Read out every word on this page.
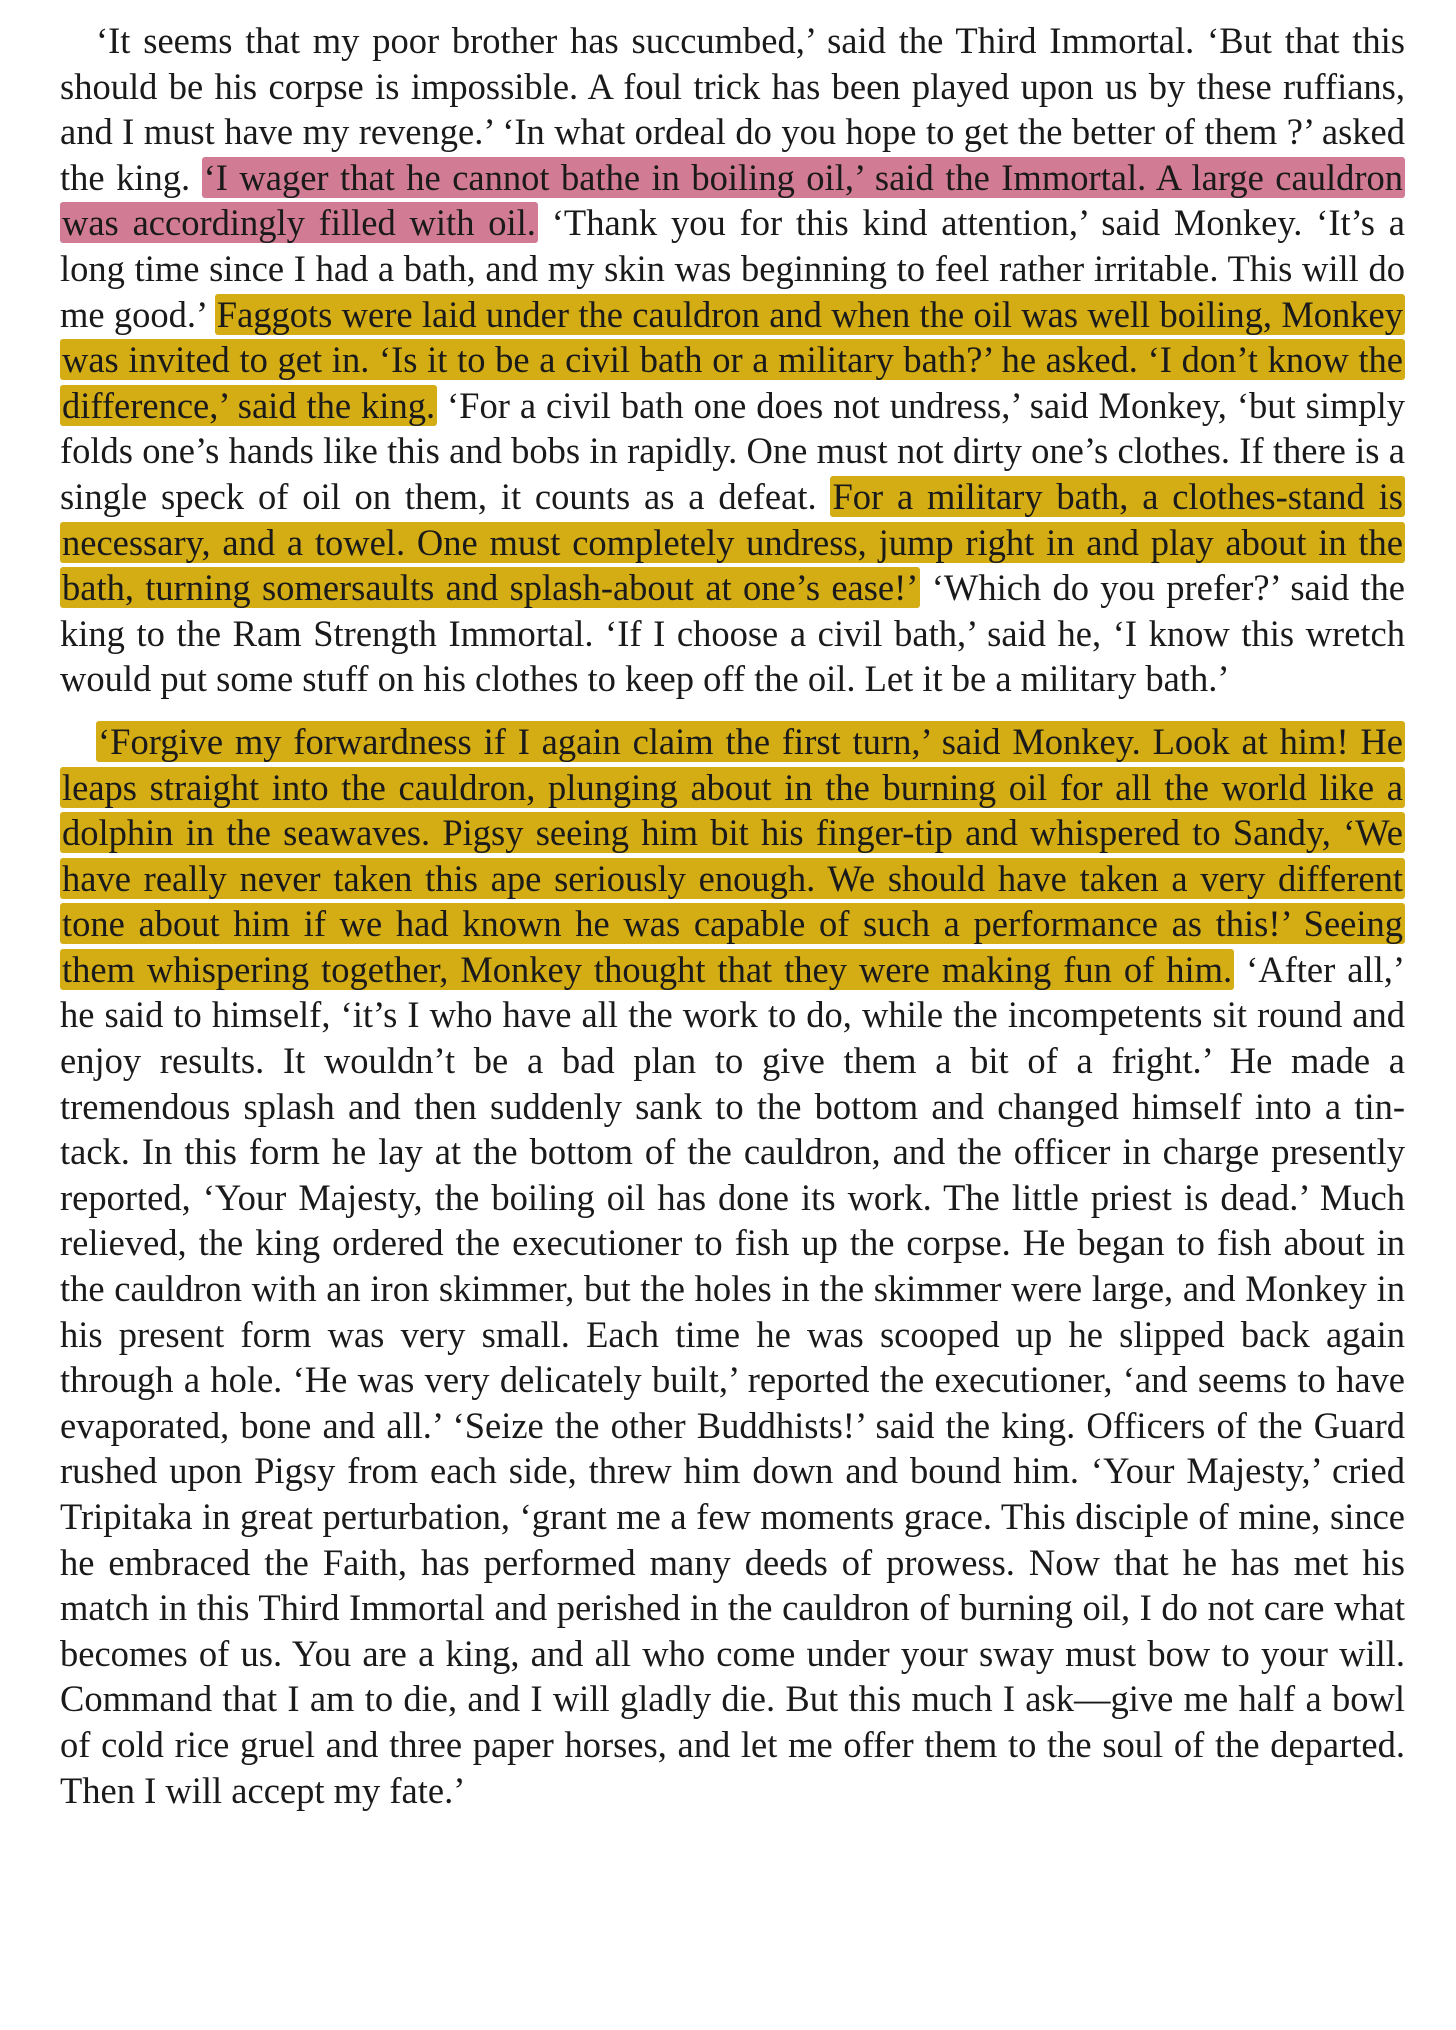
‘It seems that my poor brother has succumbed,’ said the Third Immortal. ‘But that this should be his corpse is impossible. A foul trick has been played upon us by these ruffians, and I must have my revenge.’ ‘In what ordeal do you hope to get the better of them ?’ asked the king. ‘I wager that he cannot bathe in boiling oil,’ said the Immortal. A large cauldron was accordingly filled with oil. ‘Thank you for this kind attention,’ said Monkey. ‘It’s a long time since I had a bath, and my skin was beginning to feel rather irritable. This will do me good.’ Faggots were laid under the cauldron and when the oil was well boiling, Monkey was invited to get in. ‘Is it to be a civil bath or a military bath?’ he asked. ‘I don’t know the difference,’ said the king. ‘For a civil bath one does not undress,’ said Monkey, ‘but simply folds one’s hands like this and bobs in rapidly. One must not dirty one’s clothes. If there is a single speck of oil on them, it counts as a defeat. For a military bath, a clothes-stand is necessary, and a towel. One must completely undress, jump right in and play about in the bath, turning somersaults and splash-about at one’s ease!’ ‘Which do you prefer?’ said the king to the Ram Strength Immortal. ‘If I choose a civil bath,’ said he, ‘I know this wretch would put some stuff on his clothes to keep off the oil. Let it be a military bath.’

‘Forgive my forwardness if I again claim the first turn,’ said Monkey. Look at him! He leaps straight into the cauldron, plunging about in the burning oil for all the world like a dolphin in the seawaves. Pigsy seeing him bit his finger-tip and whispered to Sandy, ‘We have really never taken this ape seriously enough. We should have taken a very different tone about him if we had known he was capable of such a performance as this!’ Seeing them whispering together, Monkey thought that they were making fun of him. ‘After all,’ he said to himself, ‘it’s I who have all the work to do, while the incompetents sit round and enjoy results. It wouldn’t be a bad plan to give them a bit of a fright.’ He made a tremendous splash and then suddenly sank to the bottom and changed himself into a tin-tack. In this form he lay at the bottom of the cauldron, and the officer in charge presently reported, ‘Your Majesty, the boiling oil has done its work. The little priest is dead.’ Much relieved, the king ordered the executioner to fish up the corpse. He began to fish about in the cauldron with an iron skimmer, but the holes in the skimmer were large, and Monkey in his present form was very small. Each time he was scooped up he slipped back again through a hole. ‘He was very delicately built,’ reported the executioner, ‘and seems to have evaporated, bone and all.’ ‘Seize the other Buddhists!’ said the king. Officers of the Guard rushed upon Pigsy from each side, threw him down and bound him. ‘Your Majesty,’ cried Tripitaka in great perturbation, ‘grant me a few moments grace. This disciple of mine, since he embraced the Faith, has performed many deeds of prowess. Now that he has met his match in this Third Immortal and perished in the cauldron of burning oil, I do not care what becomes of us. You are a king, and all who come under your sway must bow to your will. Command that I am to die, and I will gladly die. But this much I ask—give me half a bowl of cold rice gruel and three paper horses, and let me offer them to the soul of the departed. Then I will accept my fate.’
